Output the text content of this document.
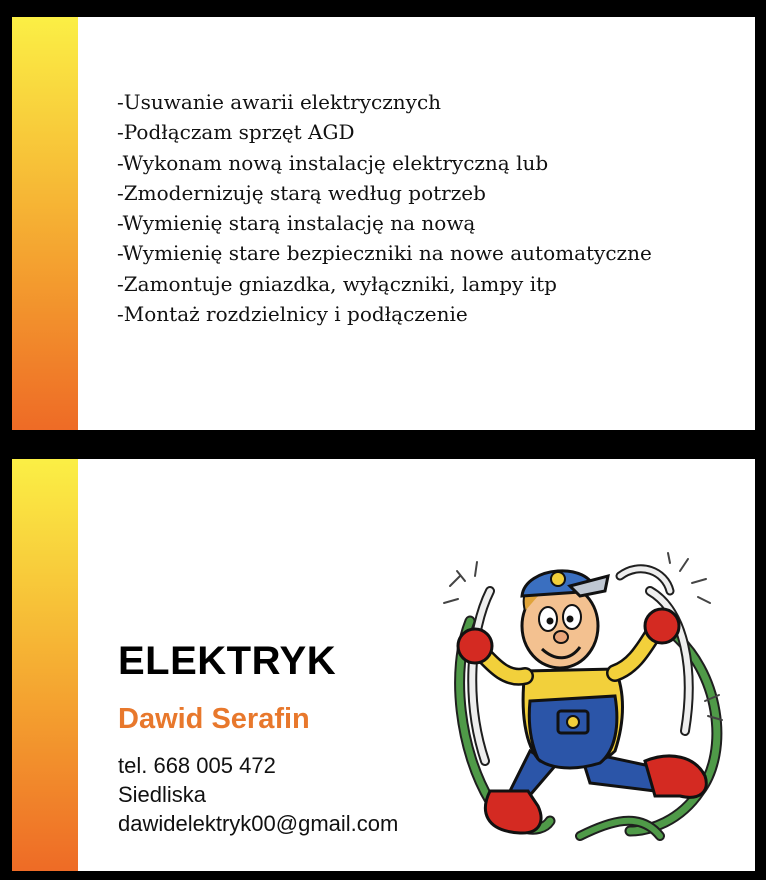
-Usuwanie awarii elektrycznych
-Podłączam sprzęt AGD
-Wykonam nową instalację elektryczną lub
-Zmodernizuję starą według potrzeb
-Wymienię starą instalację na nową
-Wymienię stare bezpieczniki na nowe automatyczne
-Zamontuje gniazdka, wyłączniki, lampy itp
-Montaż rozdzielnicy i podłączenie
ELEKTRYK
Dawid Serafin
tel. 668 005 472
Siedliska
dawidelektryk00@gmail.com
